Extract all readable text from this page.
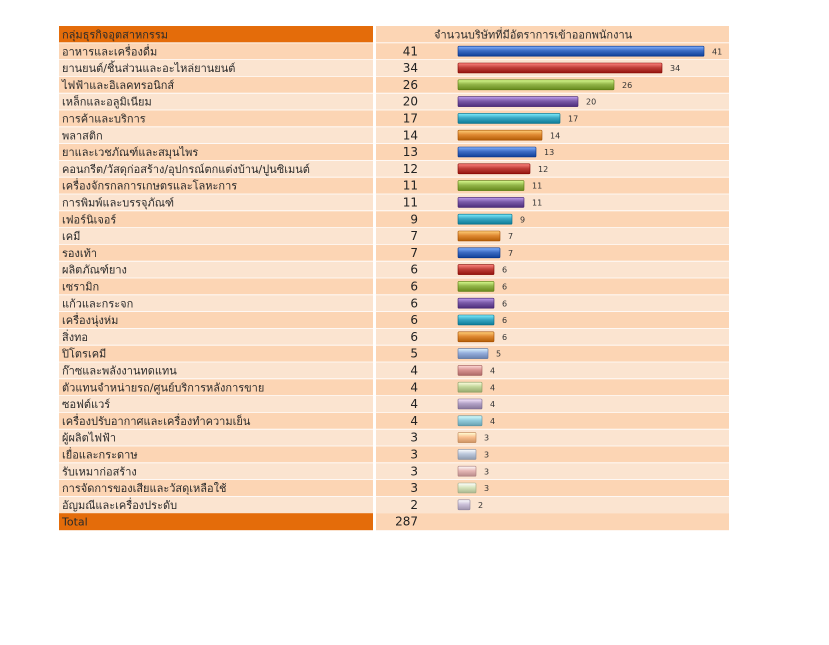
กลุ่มธุรกิจอุตสาหกรรม	จำนวนบริษัทที่มีอัตราการเข้าออกพนักงาน
อาหารและเครื่องดื่ม	41	41
ยานยนต์/ชิ้นส่วนและอะไหล่ยานยนต์	34	34
ไฟฟ้าและอิเลคทรอนิกส์	26	26
เหล็กและอลูมิเนียม	20	20
การค้าและบริการ	17	17
พลาสติก	14	14
ยาและเวชภัณฑ์และสมุนไพร	13	13
คอนกรีต/วัสดุก่อสร้าง/อุปกรณ์ตกแต่งบ้าน/ปูนซิเมนต์	12	12
เครื่องจักรกลการเกษตรและโลหะการ	11	11
การพิมพ์และบรรจุภัณฑ์	11	11
เฟอร์นิเจอร์	9	9
เคมี	7	7
รองเท้า	7	7
ผลิตภัณฑ์ยาง	6	6
เซรามิก	6	6
แก้วและกระจก	6	6
เครื่องนุ่งห่ม	6	6
สิ่งทอ	6	6
ปิโตรเคมี	5	5
ก๊าซและพลังงานทดแทน	4	4
ตัวแทนจำหน่ายรถ/ศูนย์บริการหลังการขาย	4	4
ซอฟต์แวร์	4	4
เครื่องปรับอากาศและเครื่องทำความเย็น	4	4
ผู้ผลิตไฟฟ้า	3	3
เยื่อและกระดาษ	3	3
รับเหมาก่อสร้าง	3	3
การจัดการของเสียและวัสดุเหลือใช้	3	3
อัญมณีและเครื่องประดับ	2	2
Total	287
